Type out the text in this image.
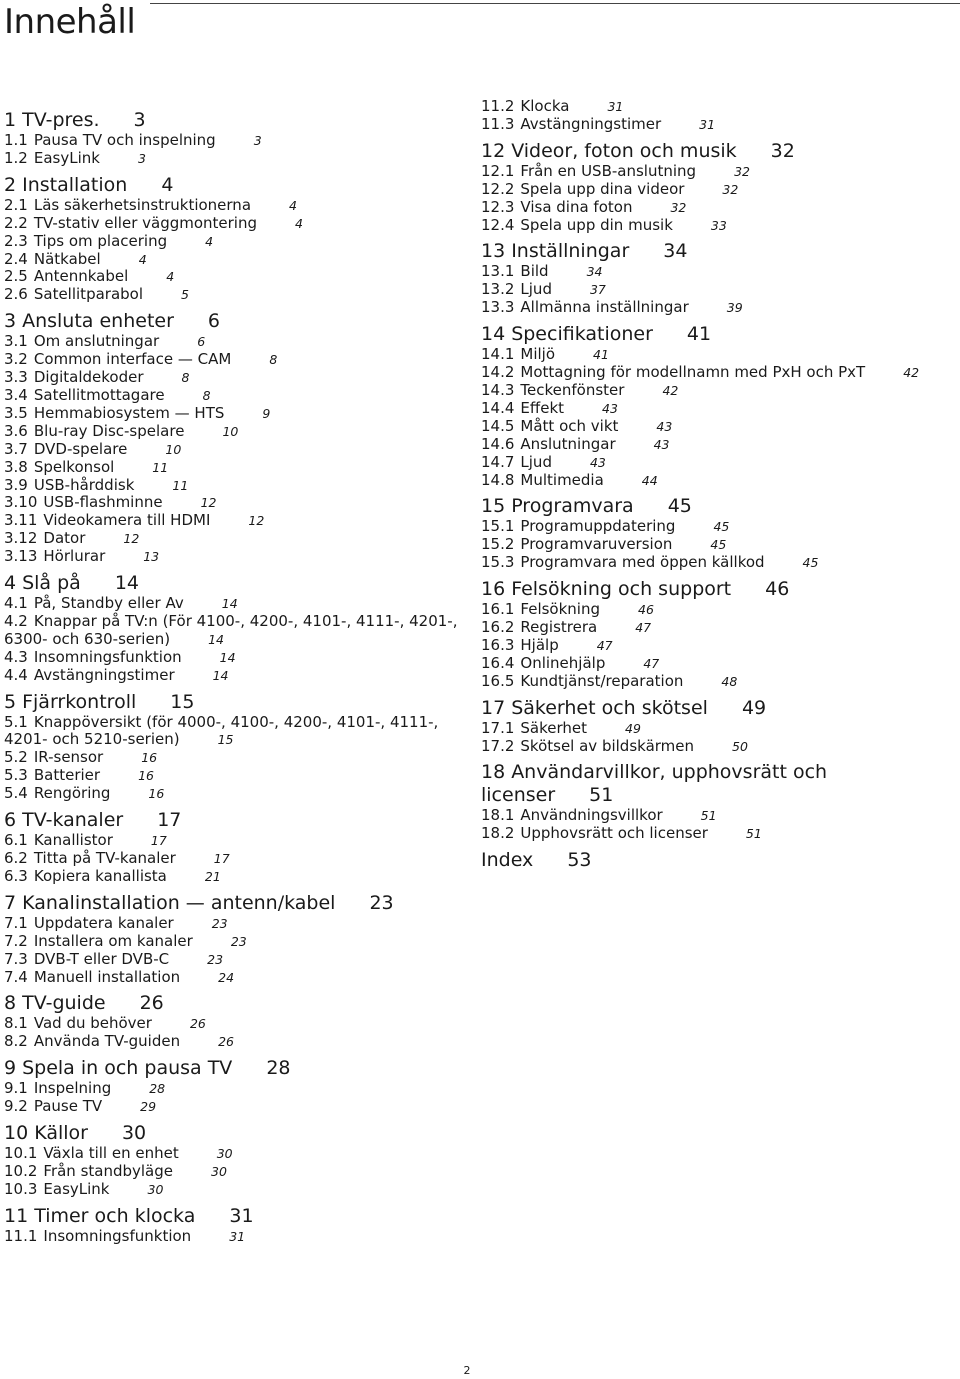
Innehåll

1 TV-pres. 3

1.1 Pausa TV och inspelning	3

1.2 EasyLink	3

2 Installation 4

2.1 Läs säkerhetsinstruktionerna	4

2.2 TV-stativ eller väggmontering	4

2.3 Tips om placering	4

2.4 Nätkabel	4

2.5 Antennkabel	4

2.6 Satellitparabol	5

3 Ansluta enheter 6

3.1 Om anslutningar	6

3.2 Common interface — CAM	8

3.3 Digitaldekoder	8

3.4 Satellitmottagare	8

3.5 Hemmabiosystem — HTS	9

3.6 Blu-ray Disc-spelare	10

3.7 DVD-spelare	10

3.8 Spelkonsol	11

3.9 USB-hårddisk	11

3.10 USB-flashminne	12

3.11 Videokamera till HDMI	12

3.12 Dator	12

3.13 Hörlurar	13

4 Slå på 14

4.1 På, Standby eller Av	14

4.2 Knappar på TV:n (För 4100-, 4200-, 4101-, 4111-, 4201-, 6300- och 630-serien)	14

4.3 Insomningsfunktion	14

4.4 Avstängningstimer	14

5 Fjärrkontroll 15

5.1 Knappöversikt (för 4000-, 4100-, 4200-, 4101-, 4111-, 4201- och 5210-serien)	15

5.2 IR-sensor	16

5.3 Batterier	16

5.4 Rengöring	16

6 TV-kanaler 17

6.1 Kanallistor	17

6.2 Titta på TV-kanaler	17

6.3 Kopiera kanallista	21

7 Kanalinstallation — antenn/kabel 23

7.1 Uppdatera kanaler	23

7.2 Installera om kanaler	23

7.3 DVB-T eller DVB-C	23

7.4 Manuell installation	24

8 TV-guide 26

8.1 Vad du behöver	26

8.2 Använda TV-guiden	26

9 Spela in och pausa TV 28

9.1 Inspelning	28

9.2 Pause TV	29

10 Källor 30

10.1 Växla till en enhet	30

10.2 Från standbyläge	30

10.3 EasyLink	30

11 Timer och klocka 31

11.1 Insomningsfunktion	31

11.2 Klocka	31

11.3 Avstängningstimer	31

12 Videor, foton och musik 32

12.1 Från en USB-anslutning	32

12.2 Spela upp dina videor	32

12.3 Visa dina foton	32

12.4 Spela upp din musik	33

13 Inställningar 34

13.1 Bild	34

13.2 Ljud	37

13.3 Allmänna inställningar	39

14 Specifikationer 41

14.1 Miljö	41

14.2 Mottagning för modellnamn med PxH och PxT	42

14.3 Teckenfönster	42

14.4 Effekt	43

14.5 Mått och vikt	43

14.6 Anslutningar	43

14.7 Ljud	43

14.8 Multimedia	44

15 Programvara 45

15.1 Programuppdatering	45

15.2 Programvaruversion	45

15.3 Programvara med öppen källkod	45

16 Felsökning och support 46

16.1 Felsökning	46

16.2 Registrera	47

16.3 Hjälp	47

16.4 Onlinehjälp	47

16.5 Kundtjänst/reparation	48

17 Säkerhet och skötsel 49

17.1 Säkerhet	49

17.2 Skötsel av bildskärmen	50

18 Användarvillkor, upphovsrätt och licenser 51

18.1 Användningsvillkor	51

18.2 Upphovsrätt och licenser	51

Index 53

2
